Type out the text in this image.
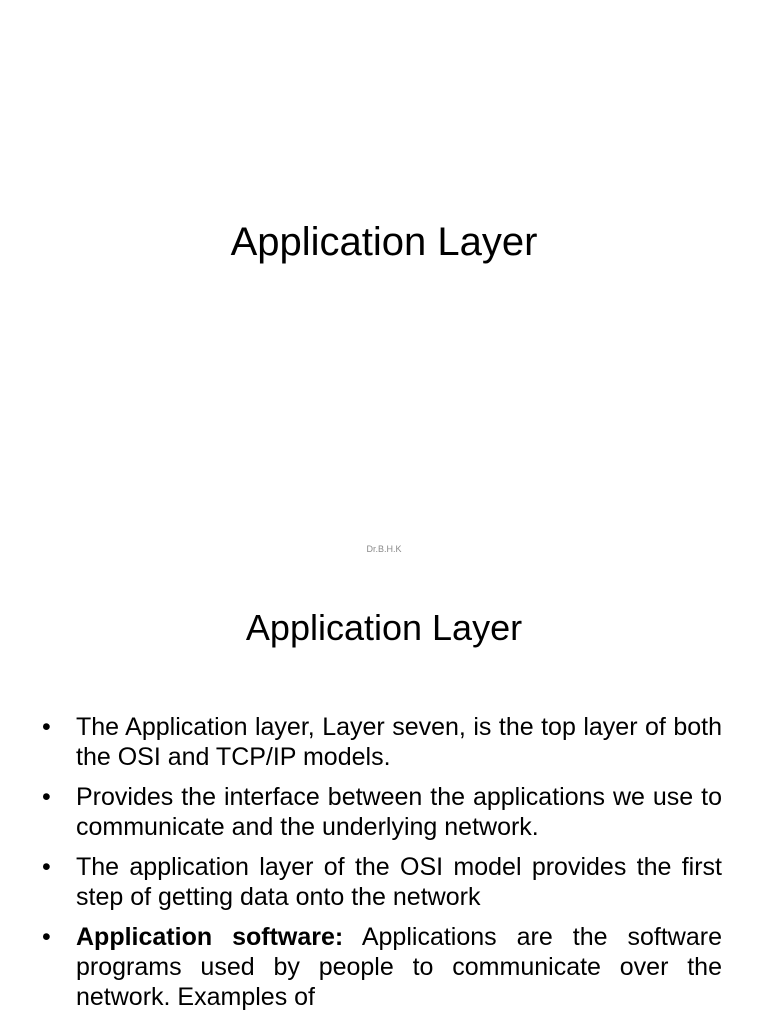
Application Layer

Dr.B.H.K

Application Layer
•	The Application layer, Layer seven, is the top layer of both the OSI and TCP/IP models.
•	Provides the interface between the applications we use to communicate and the underlying network.
•	The application layer of the OSI model provides the first step of getting data onto the network
•	Application software: Applications are the software programs used by people to communicate over the network. Examples of
